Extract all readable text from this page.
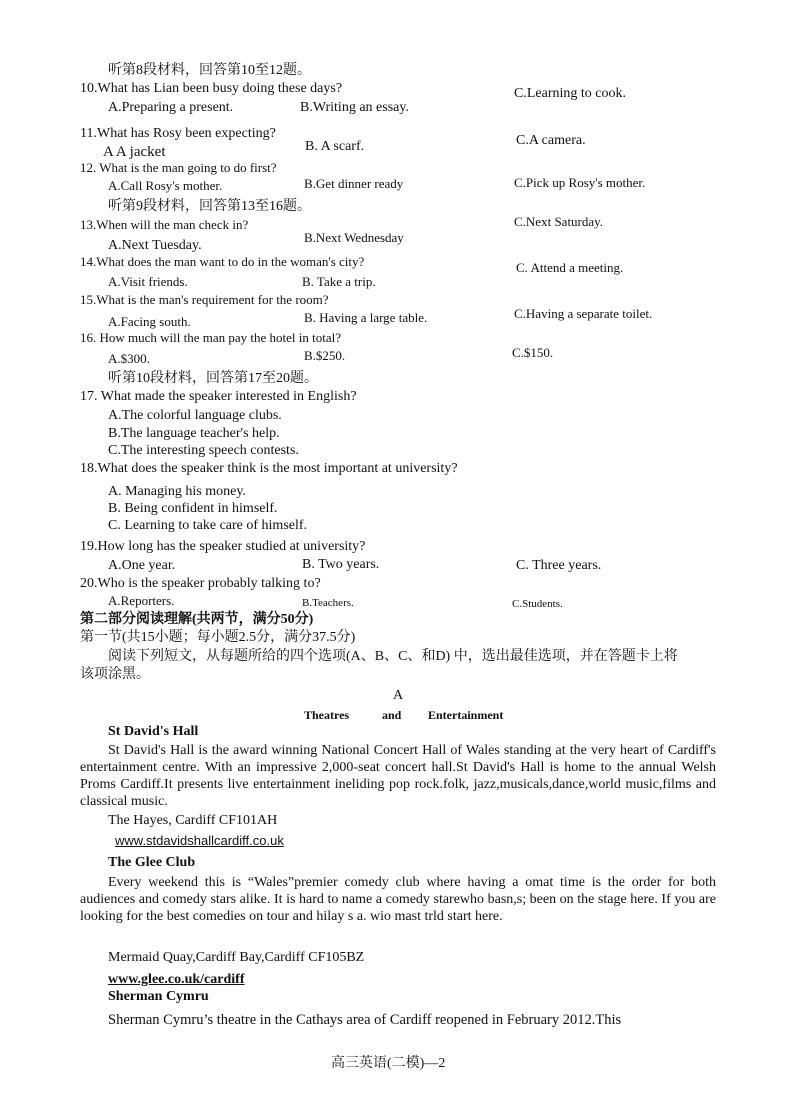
听第8段材料，回答第10至12题。
10.What has Lian been busy doing these days?
A.Preparing a present.	B.Writing an essay.
C.Learning to cook.
11.What has Rosy been expecting?
A A jacket	B. A scarf.	C.A camera.
12. What is the man going to do first?
A.Call Rosy's mother.	B.Get dinner ready	C.Pick up Rosy's mother.
听第9段材料，回答第13至16题。
13.When will the man check in?
A.Next Tuesday.
B.Next Wednesday
C.Next Saturday.
14.What does the man want to do in the woman's city?
A.Visit friends.	B. Take a trip.
C. Attend a meeting.
15.What is the man's requirement for the room?
A.Facing south.	B. Having a large table.	C.Having a separate toilet.
16. How much will the man pay the hotel in total?
A.$300.	B.$250.	C.$150.
听第10段材料，回答第17至20题。
17. What made the speaker interested in English?
A.The colorful language clubs.
B.The language teacher's help.
C.The interesting speech contests.
18.What does the speaker think is the most important at university?
A. Managing his money.
B. Being confident in himself.
C. Learning to take care of himself.
19.How long has the speaker studied at university?
A.One year.	B. Two years.	C. Three years.
20.Who is the speaker probably talking to?
A.Reporters.	B.Teachers.	C.Students.
第二部分阅读理解(共两节，满分50分)
第一节(共15小题；每小题2.5分，满分37.5分)
阅读下列短文，从每题所给的四个选项(A、B、C、和D) 中，选出最佳选项，并在答题卡上将
该项涂黑。
A
Theatres	and Entertainment
St David's Hall
St David's Hall is the award winning National Concert Hall of Wales standing at the very heart of Cardiff's entertainment centre. With an impressive 2,000-seat concert hall.St David's Hall is home to the annual Welsh Proms Cardiff.It presents live entertainment ineliding pop rock.folk, jazz,musicals,dance,world music,films and classical music.
The Hayes, Cardiff CF101AH
www.stdavidshallcardiff.co.uk
The Glee Club
Every weekend this is “Wales”premier comedy club where having a omat time is the order for both audiences and comedy stars alike. It is hard to name a comedy starewho basn,s; been on the stage here. If you are looking for the best comedies on tour and hilay s a. wio mast trld start here.
Mermaid Quay,Cardiff Bay,Cardiff CF105BZ
www.glee.co.uk/cardiff
Sherman Cymru
Sherman Cymru’s theatre in the Cathays area of Cardiff reopened in February 2012.This
高三英语(二模)—2
